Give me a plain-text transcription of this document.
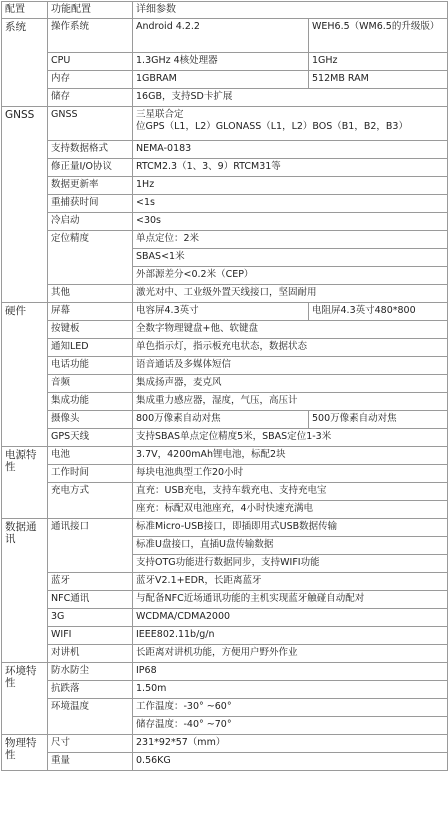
配置	功能配置	详细参数	
系统	操作系统	Android 4.2.2	WEH6.5（WM6.5的升级版）
	CPU	1.3GHz 4核处理器	1GHz
	内存	1GBRAM	512MB RAM
	储存	16GB，支持SD卡扩展	
GNSS	GNSS	三星联合定
位GPS（L1，L2）GLONASS（L1，L2）BOS（B1，B2，B3）	

	支持数据格式	NEMA-0183	
	修正量I/O协议	RTCM2.3（1、3、9）RTCM31等	
	数据更新率	1Hz	
	重捕获时间	<1s	
	冷启动	<30s	
	定位精度	单点定位：2米	
		SBAS<1米	
		外部源差分<0.2米（CEP）	
	其他	激光对中、工业级外置天线接口，坚固耐用	
硬件	屏幕	电容屏4.3英寸	电阻屏4.3英寸480*800
	按键板	全数字物理键盘+他、软键盘	
	通知LED	单色指示灯，指示板充电状态，数据状态	
	电话功能	语音通话及多媒体短信	
	音频	集成扬声器，麦克风	
	集成功能	集成重力感应器，湿度，气压，高压计	
	摄像头	800万像素自动对焦	500万像素自动对焦
	GPS天线	支持SBAS单点定位精度5米，SBAS定位1-3米	
电源特性	电池	3.7V，4200mAh锂电池，标配2块	
	工作时间	每块电池典型工作20小时	
	充电方式	直充：USB充电，支持车载充电、支持充电宝	
		座充：标配双电池座充，4小时快速充满电	
数据通讯	通讯接口	标准Micro-USB接口，即插即用式USB数据传输	
		标准U盘接口，直插U盘传输数据	
		支持OTG功能进行数据同步，支持WIFI功能	
	蓝牙	蓝牙V2.1+EDR，长距离蓝牙	
	NFC通讯	与配备NFC近场通讯功能的主机实现蓝牙触碰自动配对	
	3G	WCDMA/CDMA2000	
	WIFI	IEEE802.11b/g/n	
	对讲机	长距离对讲机功能，方便用户野外作业	
环境特性	防水防尘	IP68	
	抗跌落	1.50m	
	环境温度	工作温度：-30° ~60°	
		储存温度：-40° ~70°	
物理特性	尺寸	231*92*57（mm）	
	重量	0.56KG	
